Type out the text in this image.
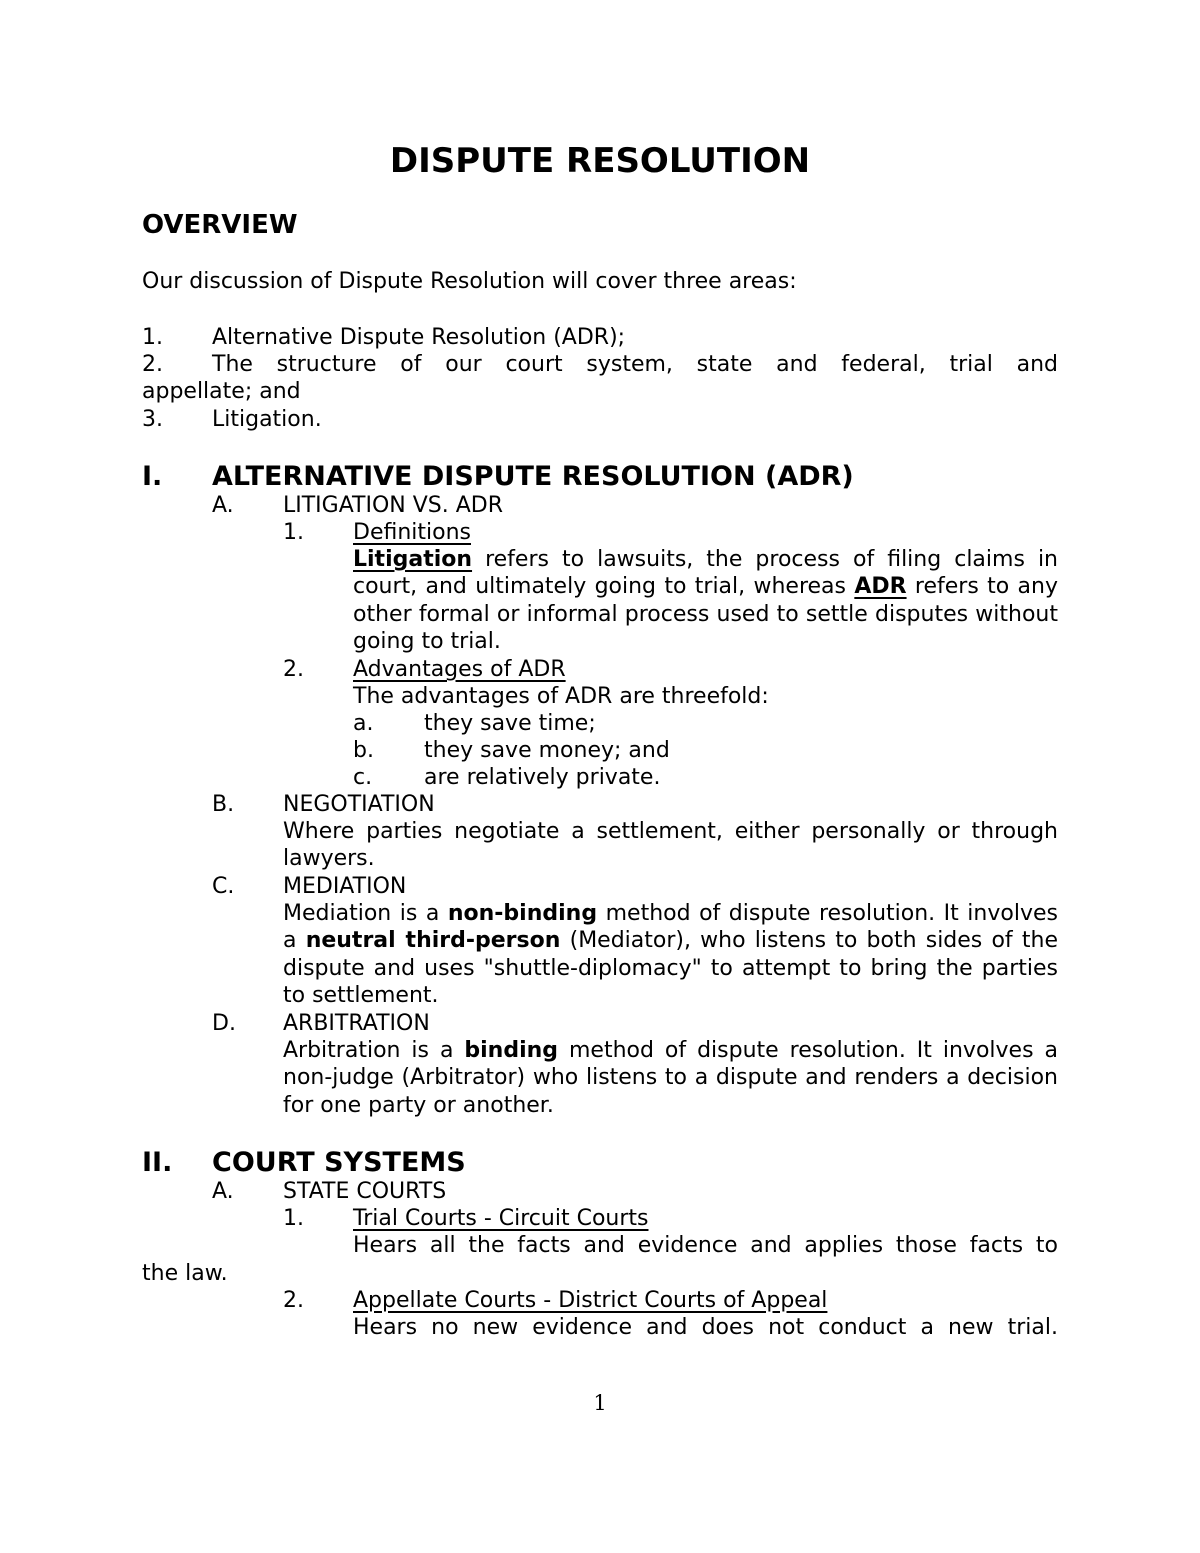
DISPUTE RESOLUTION
OVERVIEW
Our discussion of Dispute Resolution will cover three areas:
1. Alternative Dispute Resolution (ADR);
2. The structure of our court system, state and federal, trial and
appellate; and
3. Litigation.
I. ALTERNATIVE DISPUTE RESOLUTION (ADR)
A. LITIGATION VS. ADR
1. Definitions
Litigation refers to lawsuits, the process of filing claims in court, and ultimately going to trial, whereas ADR refers to any other formal or informal process used to settle disputes without going to trial.
2. Advantages of ADR
The advantages of ADR are threefold:
a. they save time;
b. they save money; and
c. are relatively private.
B. NEGOTIATION
Where parties negotiate a settlement, either personally or through lawyers.
C. MEDIATION
Mediation is a non-binding method of dispute resolution. It involves a neutral third-person (Mediator), who listens to both sides of the dispute and uses "shuttle-diplomacy" to attempt to bring the parties to settlement.
D. ARBITRATION
Arbitration is a binding method of dispute resolution. It involves a non-judge (Arbitrator) who listens to a dispute and renders a decision for one party or another.
II. COURT SYSTEMS
A. STATE COURTS
1. Trial Courts - Circuit Courts
Hears all the facts and evidence and applies those facts to
the law.
2. Appellate Courts - District Courts of Appeal
Hears no new evidence and does not conduct a new trial.
1
